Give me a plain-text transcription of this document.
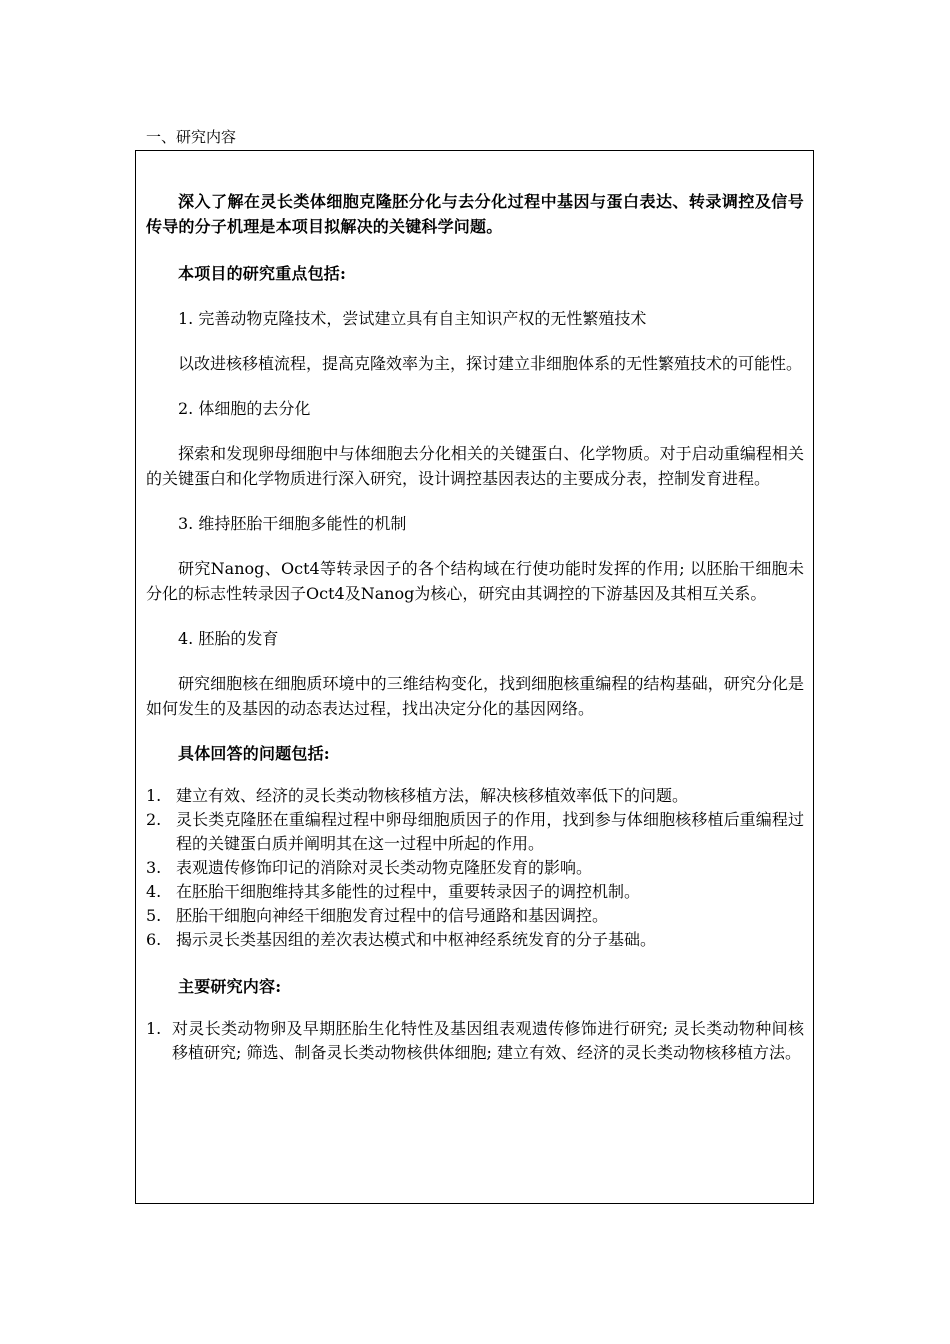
一、研究内容

深入了解在灵长类体细胞克隆胚分化与去分化过程中基因与蛋白表达、转录调控及信号传导的分子机理是本项目拟解决的关键科学问题。

本项目的研究重点包括:

1. 完善动物克隆技术，尝试建立具有自主知识产权的无性繁殖技术

以改进核移植流程，提高克隆效率为主，探讨建立非细胞体系的无性繁殖技术的可能性。

2. 体细胞的去分化

探索和发现卵母细胞中与体细胞去分化相关的关键蛋白、化学物质。对于启动重编程相关的关键蛋白和化学物质进行深入研究，设计调控基因表达的主要成分表，控制发育进程。

3. 维持胚胎干细胞多能性的机制

研究Nanog、Oct4等转录因子的各个结构域在行使功能时发挥的作用; 以胚胎干细胞未分化的标志性转录因子Oct4及Nanog为核心，研究由其调控的下游基因及其相互关系。

4. 胚胎的发育

研究细胞核在细胞质环境中的三维结构变化，找到细胞核重编程的结构基础，研究分化是如何发生的及基因的动态表达过程，找出决定分化的基因网络。

具体回答的问题包括:

1. 建立有效、经济的灵长类动物核移植方法，解决核移植效率低下的问题。
2. 灵长类克隆胚在重编程过程中卵母细胞质因子的作用，找到参与体细胞核移植后重编程过程的关键蛋白质并阐明其在这一过程中所起的作用。
3. 表观遗传修饰印记的消除对灵长类动物克隆胚发育的影响。
4. 在胚胎干细胞维持其多能性的过程中，重要转录因子的调控机制。
5. 胚胎干细胞向神经干细胞发育过程中的信号通路和基因调控。
6. 揭示灵长类基因组的差次表达模式和中枢神经系统发育的分子基础。

主要研究内容:

1. 对灵长类动物卵及早期胚胎生化特性及基因组表观遗传修饰进行研究; 灵长类动物种间核移植研究; 筛选、制备灵长类动物核供体细胞; 建立有效、经济的灵长类动物核移植方法。
